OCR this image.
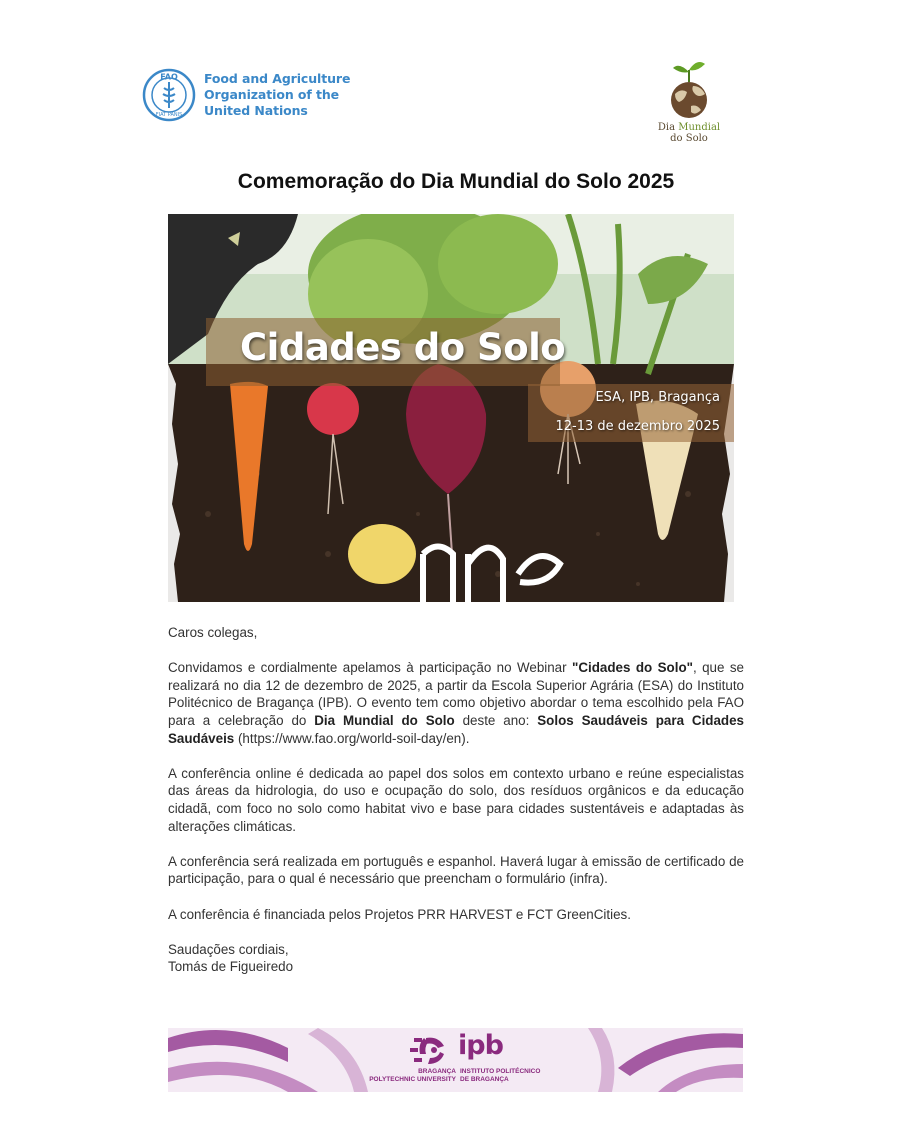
FAO
FIAT PANIS
Food and Agriculture
Organization of the
United Nations
Dia Mundial
do Solo
Comemoração do Dia Mundial do Solo 2025
Cidades do Solo
ESA, IPB, Bragança
12-13 de dezembro 2025

Caros colegas,

Convidamos e cordialmente apelamos à participação no Webinar "Cidades do Solo", que se realizará no dia 12 de dezembro de 2025, a partir da Escola Superior Agrária (ESA) do Instituto Politécnico de Bragança (IPB). O evento tem como objetivo abordar o tema escolhido pela FAO para a celebração do Dia Mundial do Solo deste ano: Solos Saudáveis para Cidades Saudáveis (https://www.fao.org/world-soil-day/en).

A conferência online é dedicada ao papel dos solos em contexto urbano e reúne especialistas das áreas da hidrologia, do uso e ocupação do solo, dos resíduos orgânicos e da educação cidadã, com foco no solo como habitat vivo e base para cidades sustentáveis e adaptadas às alterações climáticas.

A conferência será realizada em português e espanhol. Haverá lugar à emissão de certificado de participação, para o qual é necessário que preencham o formulário (infra).

A conferência é financiada pelos Projetos PRR HARVEST e FCT GreenCities.

Saudações cordiais,
Tomás de Figueiredo
ipb
BRAGANÇA
POLYTECHNIC UNIVERSITY
INSTITUTO POLITÉCNICO
DE BRAGANÇA
